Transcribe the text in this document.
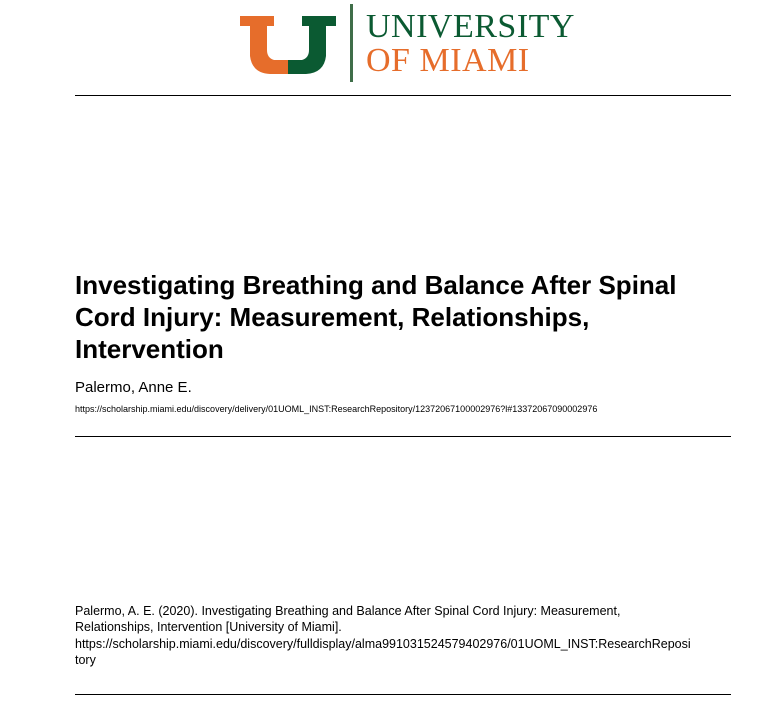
UNIVERSITY
OF MIAMI
Investigating Breathing and Balance After Spinal Cord Injury: Measurement, Relationships, Intervention
Palermo, Anne E.
https://scholarship.miami.edu/discovery/delivery/01UOML_INST:ResearchRepository/12372067100002976?l#13372067090002976
Palermo, A. E. (2020). Investigating Breathing and Balance After Spinal Cord Injury: Measurement,
Relationships, Intervention [University of Miami].
https://scholarship.miami.edu/discovery/fulldisplay/alma991031524579402976/01UOML_INST:ResearchReposi
tory
